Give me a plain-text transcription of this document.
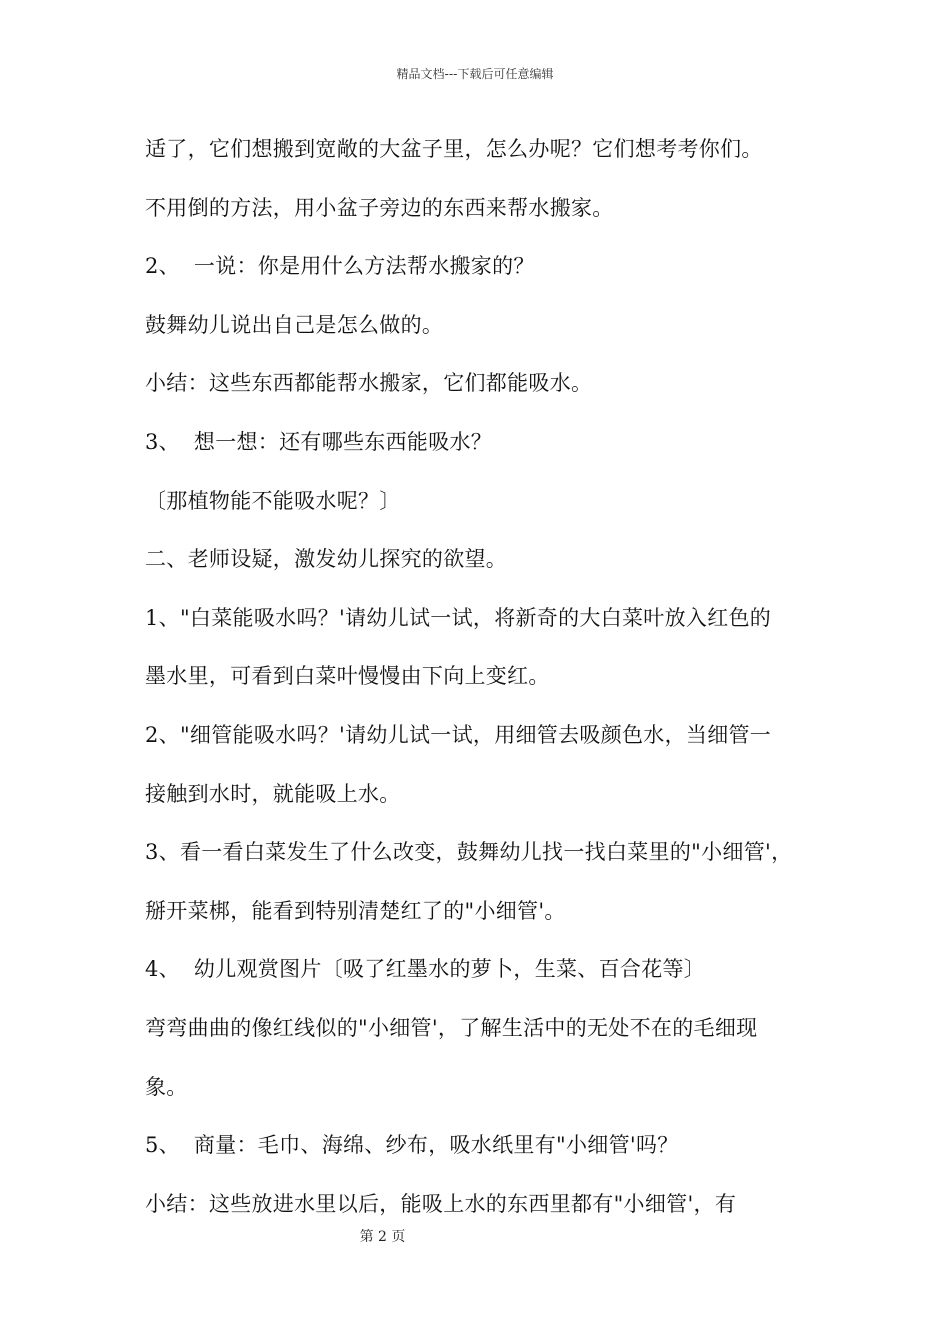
精品文档---下载后可任意编辑
适了，它们想搬到宽敞的大盆子里，怎么办呢？它们想考考你们。
不用倒的方法，用小盆子旁边的东西来帮水搬家。
2、  一说：你是用什么方法帮水搬家的？
鼓舞幼儿说出自己是怎么做的。
小结：这些东西都能帮水搬家，它们都能吸水。
3、  想一想：还有哪些东西能吸水？
〔那植物能不能吸水呢？〕
二、老师设疑，激发幼儿探究的欲望。
1、"白菜能吸水吗？'请幼儿试一试，将新奇的大白菜叶放入红色的
墨水里，可看到白菜叶慢慢由下向上变红。
2、"细管能吸水吗？'请幼儿试一试，用细管去吸颜色水，当细管一
接触到水时，就能吸上水。
3、看一看白菜发生了什么改变，鼓舞幼儿找一找白菜里的"小细管'，
掰开菜梆，能看到特别清楚红了的"小细管'。
4、  幼儿观赏图片〔吸了红墨水的萝卜，生菜、百合花等〕
弯弯曲曲的像红线似的"小细管'，了解生活中的无处不在的毛细现
象。
5、  商量：毛巾、海绵、纱布，吸水纸里有"小细管'吗？
小结：这些放进水里以后，能吸上水的东西里都有"小细管'，有
第 2 页
